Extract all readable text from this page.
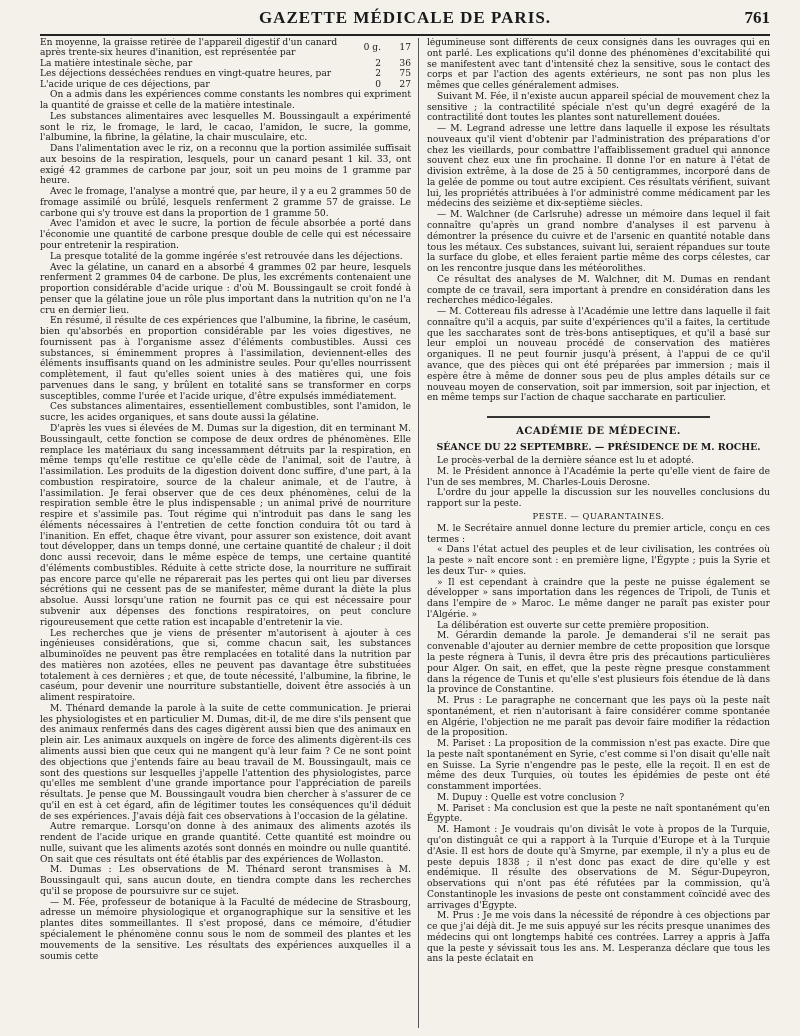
GAZETTE MÉDICALE DE PARIS.	761
En moyenne, la graisse retirée de l'appareil digestif d'un canard après trente-six heures d'inanition, est représentée par	0 g.	17
La matière intestinale sèche, par	2	36
Les déjections desséchées rendues en vingt-quatre heures, par	2	75
L'acide urique de ces déjections, par	0	27

On a admis dans les expériences comme constants les nombres qui expriment la quantité de graisse et celle de la matière intestinale.

Les substances alimentaires avec lesquelles M. Boussingault a expérimenté sont le riz, le fromage, le lard, le cacao, l'amidon, le sucre, la gomme, l'albumine, la fibrine, la gélatine, la chair musculaire, etc.

Dans l'alimentation avec le riz, on a reconnu que la portion assimilée suffisait aux besoins de la respiration, lesquels, pour un canard pesant 1 kil. 33, ont exigé 42 grammes de carbone par jour, soit un peu moins de 1 gramme par heure.

Avec le fromage, l'analyse a montré que, par heure, il y a eu 2 grammes 50 de fromage assimilé ou brûlé, lesquels renferment 2 gramme 57 de graisse. Le carbone qui s'y trouve est dans la proportion de 1 gramme 50.

Avec l'amidon et avec le sucre, la portion de fécule absorbée a porté dans l'économie une quantité de carbone presque double de celle qui est nécessaire pour entretenir la respiration.

La presque totalité de la gomme ingérée s'est retrouvée dans les déjections.

Avec la gélatine, un canard en a absorbé 4 grammes 02 par heure, lesquels renferment 2 grammes 04 de carbone. De plus, les excréments contenaient une proportion considérable d'acide urique : d'où M. Boussingault se croit fondé à penser que la gélatine joue un rôle plus important dans la nutrition qu'on ne l'a cru en dernier lieu.

En résumé, il résulte de ces expériences que l'albumine, la fibrine, le caséum, bien qu'absorbés en proportion considérable par les voies digestives, ne fournissent pas à l'organisme assez d'éléments combustibles. Aussi ces substances, si éminemment propres à l'assimilation, deviennent-elles des éléments insuffisants quand on les administre seules. Pour qu'elles nourrissent complètement, il faut qu'elles soient unies à des matières qui, une fois parvenues dans le sang, y brûlent en totalité sans se transformer en corps susceptibles, comme l'urée et l'acide urique, d'être expulsés immédiatement.

Ces substances alimentaires, essentiellement combustibles, sont l'amidon, le sucre, les acides organiques, et sans doute aussi la gélatine.

D'après les vues si élevées de M. Dumas sur la digestion, dit en terminant M. Boussingault, cette fonction se compose de deux ordres de phénomènes. Elle remplace les matériaux du sang incessamment détruits par la respiration, en même temps qu'elle restitue ce qu'elle cède de l'animal, soit de l'autre, à l'assimilation. Les produits de la digestion doivent donc suffire, d'une part, à la combustion respiratoire, source de la chaleur animale, et de l'autre, à l'assimilation. Je ferai observer que de ces deux phénomènes, celui de la respiration semble être le plus indispensable ; un animal privé de nourriture respire et s'assimile pas. Tout régime qui n'introduit pas dans le sang les éléments nécessaires à l'entretien de cette fonction conduira tôt ou tard à l'inanition. En effet, chaque être vivant, pour assurer son existence, doit avant tout développer, dans un temps donné, une certaine quantité de chaleur ; il doit donc aussi recevoir, dans le même espèce de temps, une certaine quantité d'éléments combustibles. Réduite à cette stricte dose, la nourriture ne suffirait pas encore parce qu'elle ne réparerait pas les pertes qui ont lieu par diverses sécrétions qui ne cessent pas de se manifester, même durant la diète la plus absolue. Aussi lorsqu'une ration ne fournit pas ce qui est nécessaire pour subvenir aux dépenses des fonctions respiratoires, on peut conclure rigoureusement que cette ration est incapable d'entretenir la vie.

Les recherches que je viens de présenter m'autorisent à ajouter à ces ingénieuses considérations, que si, comme chacun sait, les substances albuminoïdes ne peuvent pas être remplacées en totalité dans la nutrition par des matières non azotées, elles ne peuvent pas davantage être substituées totalement à ces dernières ; et que, de toute nécessité, l'albumine, la fibrine, le caséum, pour devenir une nourriture substantielle, doivent être associés à un aliment respiratoire.

M. Thénard demande la parole à la suite de cette communication. Je prierai les physiologistes et en particulier M. Dumas, dit-il, de me dire s'ils pensent que des animaux renfermés dans des cages digèrent aussi bien que des animaux en plein air. Les animaux auxquels on ingère de force des aliments digèrent-ils ces aliments aussi bien que ceux qui ne mangent qu'à leur faim ? Ce ne sont point des objections que j'entends faire au beau travail de M. Boussingault, mais ce sont des questions sur lesquelles j'appelle l'attention des physiologistes, parce qu'elles me semblent d'une grande importance pour l'appréciation de pareils résultats. Je pense que M. Boussingault voudra bien chercher à s'assurer de ce qu'il en est à cet égard, afin de légitimer toutes les conséquences qu'il déduit de ses expériences. J'avais déjà fait ces observations à l'occasion de la gélatine.

Autre remarque. Lorsqu'on donne à des animaux des aliments azotés ils rendent de l'acide urique en grande quantité. Cette quantité est moindre ou nulle, suivant que les aliments azotés sont donnés en moindre ou nulle quantité. On sait que ces résultats ont été établis par des expériences de Wollaston.

M. Dumas : Les observations de M. Thénard seront transmises à M. Boussingault qui, sans aucun doute, en tiendra compte dans les recherches qu'il se propose de poursuivre sur ce sujet.

— M. Fée, professeur de botanique à la Faculté de médecine de Strasbourg, adresse un mémoire physiologique et organographique sur la sensitive et les plantes dites sommeillantes. Il s'est proposé, dans ce mémoire, d'étudier spécialement le phénomène connu sous le nom de sommeil des plantes et les mouvements de la sensitive. Les résultats des expériences auxquelles il a soumis cette

légumineuse sont différents de ceux consignés dans les ouvrages qui en ont parlé. Les explications qu'il donne des phénomènes d'excitabilité qui se manifestent avec tant d'intensité chez la sensitive, sous le contact des corps et par l'action des agents extérieurs, ne sont pas non plus les mêmes que celles généralement admises.

Suivant M. Fée, il n'existe aucun appareil spécial de mouvement chez la sensitive ; la contractilité spéciale n'est qu'un degré exagéré de la contractilité dont toutes les plantes sont naturellement douées.

— M. Legrand adresse une lettre dans laquelle il expose les résultats nouveaux qu'il vient d'obtenir par l'administration des préparations d'or chez les vieillards, pour combattre l'affaiblissement graduel qui annonce souvent chez eux une fin prochaine. Il donne l'or en nature à l'état de division extrême, à la dose de 25 à 50 centigrammes, incorporé dans de la gelée de pomme ou tout autre excipient. Ces résultats vérifient, suivant lui, les propriétés attribuées à l'or administré comme médicament par les médecins des seizième et dix-septième siècles.

— M. Walchner (de Carlsruhe) adresse un mémoire dans lequel il fait connaître qu'après un grand nombre d'analyses il est parvenu à démontrer la présence du cuivre et de l'arsenic en quantité notable dans tous les métaux. Ces substances, suivant lui, seraient répandues sur toute la surface du globe, et elles feraient partie même des corps célestes, car on les rencontre jusque dans les météorolithes.

Ce résultat des analyses de M. Walchner, dit M. Dumas en rendant compte de ce travail, sera important à prendre en considération dans les recherches médico-légales.

— M. Cottereau fils adresse à l'Académie une lettre dans laquelle il fait connaître qu'il a acquis, par suite d'expériences qu'il a faites, la certitude que les saccharates sont de très-bons antiseptiques, et qu'il a basé sur leur emploi un nouveau procédé de conservation des matières organiques. Il ne peut fournir jusqu'à présent, à l'appui de ce qu'il avance, que des pièces qui ont été préparées par immersion ; mais il espère être à même de donner sous peu de plus amples détails sur ce nouveau moyen de conservation, soit par immersion, soit par injection, et en même temps sur l'action de chaque saccharate en particulier.

ACADÉMIE DE MÉDECINE.
SÉANCE DU 22 SEPTEMBRE. — PRÉSIDENCE DE M. ROCHE.

Le procès-verbal de la dernière séance est lu et adopté.

M. le Président annonce à l'Académie la perte qu'elle vient de faire de l'un de ses membres, M. Charles-Louis Derosne.

L'ordre du jour appelle la discussion sur les nouvelles conclusions du rapport sur la peste.

PESTE. — QUARANTAINES.

M. le Secrétaire annuel donne lecture du premier article, conçu en ces termes :

« Dans l'état actuel des peuples et de leur civilisation, les contrées où la peste » naît encore sont : en première ligne, l'Égypte ; puis la Syrie et les deux Tur- » quies.

» Il est cependant à craindre que la peste ne puisse également se développer » sans importation dans les régences de Tripoli, de Tunis et dans l'empire de » Maroc. Le même danger ne paraît pas exister pour l'Algérie. »

La délibération est ouverte sur cette première proposition.

M. Gérardin demande la parole. Je demanderai s'il ne serait pas convenable d'ajouter au dernier membre de cette proposition que lorsque la peste régnera à Tunis, il devra être pris des précautions particulières pour Alger. On sait, en effet, que la peste règne presque constamment dans la régence de Tunis et qu'elle s'est plusieurs fois étendue de là dans la province de Constantine.

M. Prus : Le paragraphe ne concernant que les pays où la peste naît spontanément, et rien n'autorisant à faire considérer comme spontanée en Algérie, l'objection ne me paraît pas devoir faire modifier la rédaction de la proposition.

M. Pariset : La proposition de la commission n'est pas exacte. Dire que la peste naît spontanément en Syrie, c'est comme si l'on disait qu'elle naît en Suisse. La Syrie n'engendre pas le peste, elle la reçoit. Il en est de même des deux Turquies, où toutes les épidémies de peste ont été constamment importées.

M. Dupuy : Quelle est votre conclusion ?

M. Pariset : Ma conclusion est que la peste ne naît spontanément qu'en Égypte.

M. Hamont : Je voudrais qu'on divisât le vote à propos de la Turquie, qu'on distinguât ce qui a rapport à la Turquie d'Europe et à la Turquie d'Asie. Il est hors de doute qu'à Smyrne, par exemple, il n'y a plus eu de peste depuis 1838 ; il n'est donc pas exact de dire qu'elle y est endémique. Il résulte des observations de M. Ségur-Dupeyron, observations qui n'ont pas été réfutées par la commission, qu'à Constantinople les invasions de peste ont constamment coïncidé avec des arrivages d'Égypte.

M. Prus : Je me vois dans la nécessité de répondre à ces objections par ce que j'ai déjà dit. Je me suis appuyé sur les récits presque unanimes des médecins qui ont longtemps habité ces contrées. Larrey a appris à Jaffa que la peste y sévissait tous les ans. M. Lesperanza déclare que tous les ans la peste éclatait en
